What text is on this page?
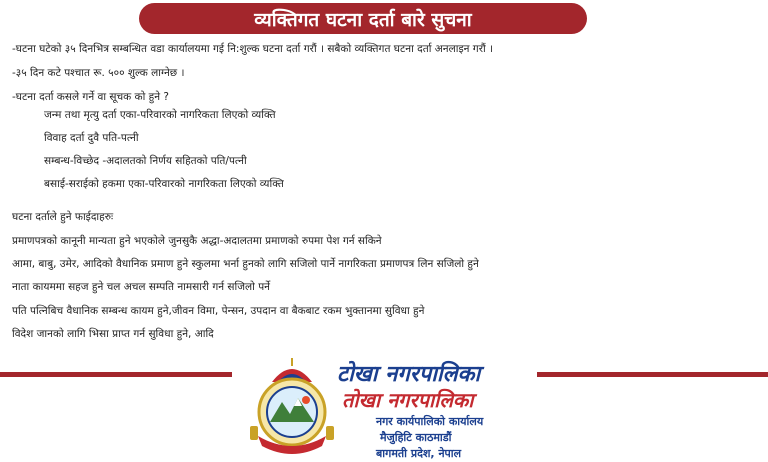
व्यक्तिगत घटना दर्ता बारे सुचना
-घटना घटेको ३५ दिनभित्र सम्बन्धित वडा कार्यालयमा गई नि:शुल्क घटना दर्ता गरौं । सबैको व्यक्तिगत घटना दर्ता अनलाइन गरौं ।
-३५ दिन कटे पश्चात रू. ५०० शुल्क लाग्नेछ ।
-घटना दर्ता कसले गर्ने वा सूचक को हुने ?
जन्म तथा मृत्यु दर्ता एका-परिवारको नागरिकता लिएको व्यक्ति
विवाह दर्ता दुवै पति-पत्नी
सम्बन्ध-विच्छेद -अदालतको निर्णय सहितको पति/पत्नी
बसाई-सराईको हकमा एका-परिवारको नागरिकता लिएको व्यक्ति
घटना दर्ताले हुने फाईदाहरुः
प्रमाणपत्रको कानूनी मान्यता हुने भएकोले जुनसुकै अद्धा-अदालतमा प्रमाणको रुपमा पेश गर्न सकिने
आमा, बाबु, उमेर, आदिको वैधानिक प्रमाण हुने स्कुलमा भर्ना हुनको लागि सजिलो पार्ने नागरिकता प्रमाणपत्र लिन सजिलो हुने
नाता कायममा सहज हुने चल अचल सम्पति नामसारी गर्न सजिलो पर्ने
पति पत्निबिच वैधानिक सम्बन्ध कायम हुने,जीवन विमा, पेन्सन, उपदान वा बैकबाट रकम भुक्तानमा सुविधा हुने
विदेश जानको लागि भिसा प्राप्त गर्न सुविधा हुने, आदि
टोखा नगरपालिका
तोखा नगरपालिका
नगर कार्यपालिको कार्यालय
मैजुहिटि काठमाडौं
बागमती प्रदेश, नेपाल
